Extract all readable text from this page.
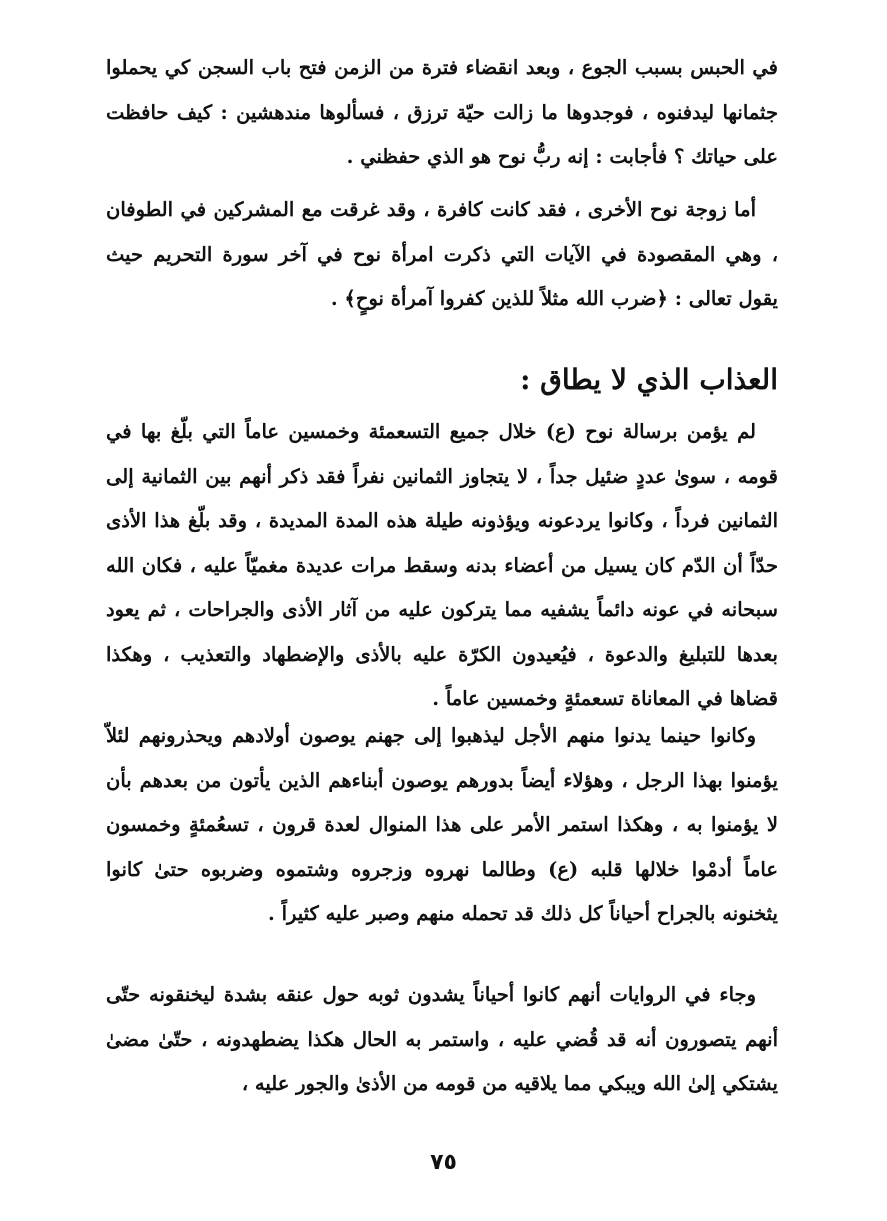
في الحبس بسبب الجوع ، وبعد انقضاء فترة من الزمن فتح باب السجن كي يحملوا جثمانها ليدفنوه ، فوجدوها ما زالت حيّة ترزق ، فسألوها مندهشين : كيف حافظت على حياتك ؟ فأجابت : إنه ربُّ نوح هو الذي حفظني .

أما زوجة نوح الأخرى ، فقد كانت كافرة ، وقد غرقت مع المشركين في الطوفان ، وهي المقصودة في الآيات التي ذكرت امرأة نوح في آخر سورة التحريم حيث يقول تعالى : ﴿ضرب الله مثلاً للذين كفروا آمرأة نوحٍ﴾ .

العذاب الذي لا يطاق :

لم يؤمن برسالة نوح (ع) خلال جميع التسعمئة وخمسين عاماً التي بلّغ بها في قومه ، سوىٰ عددٍ ضئيل جداً ، لا يتجاوز الثمانين نفراً فقد ذكر أنهم بين الثمانية إلى الثمانين فرداً ، وكانوا يردعونه ويؤذونه طيلة هذه المدة المديدة ، وقد بلّغ هذا الأذى حدّاً أن الدّم كان يسيل من أعضاء بدنه وسقط مرات عديدة مغميّاً عليه ، فكان الله سبحانه في عونه دائماً يشفيه مما يتركون عليه من آثار الأذى والجراحات ، ثم يعود بعدها للتبليغ والدعوة ، فيُعيدون الكرّة عليه بالأذى والإضطهاد والتعذيب ، وهكذا قضاها في المعاناة تسعمئةٍ وخمسين عاماً .

وكانوا حينما يدنوا منهم الأجل ليذهبوا إلى جهنم يوصون أولادهم ويحذرونهم لئلاّ يؤمنوا بهذا الرجل ، وهؤلاء أيضاً بدورهم يوصون أبناءهم الذين يأتون من بعدهم بأن لا يؤمنوا به ، وهكذا استمر الأمر على هذا المنوال لعدة قرون ، تسعُمئةٍ وخمسون عاماً أدمْوا خلالها قلبه (ع) وطالما نهروه وزجروه وشتموه وضربوه حتىٰ كانوا يثخنونه بالجراح أحياناً كل ذلك قد تحمله منهم وصبر عليه كثيراً .

وجاء في الروايات أنهم كانوا أحياناً يشدون ثوبه حول عنقه بشدة ليخنقونه حتّى أنهم يتصورون أنه قد قُضي عليه ، واستمر به الحال هكذا يضطهدونه ، حتّىٰ مضىٰ يشتكي إلىٰ الله ويبكي مما يلاقيه من قومه من الأذىٰ والجور عليه ،

٧٥
